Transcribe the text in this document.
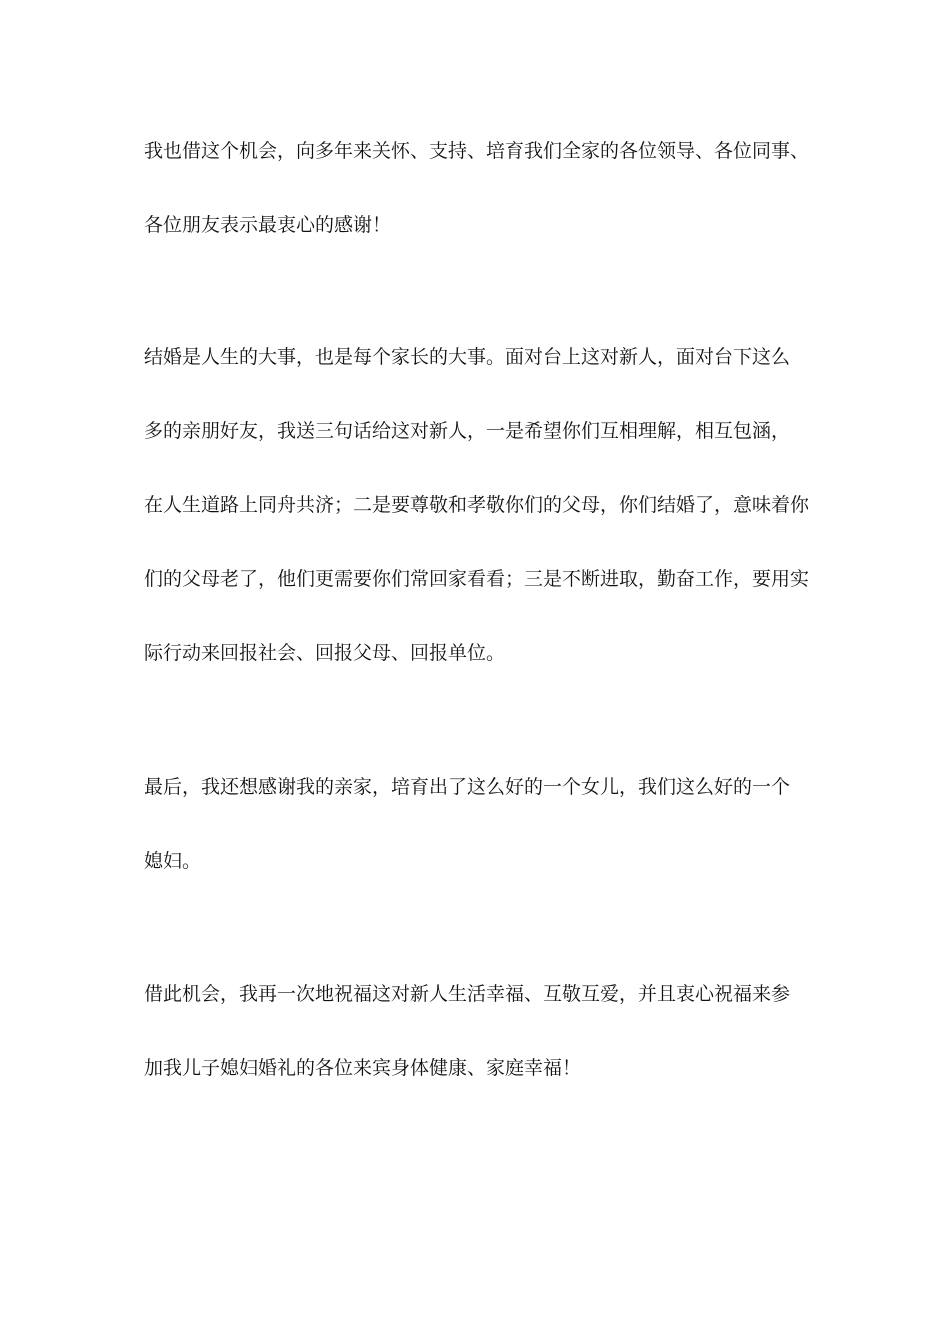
我也借这个机会，向多年来关怀、支持、培育我们全家的各位领导、各位同事、
各位朋友表示最衷心的感谢！

结婚是人生的大事，也是每个家长的大事。面对台上这对新人，面对台下这么
多的亲朋好友，我送三句话给这对新人，一是希望你们互相理解，相互包涵，
在人生道路上同舟共济；二是要尊敬和孝敬你们的父母，你们结婚了，意味着你
们的父母老了，他们更需要你们常回家看看；三是不断进取，勤奋工作，要用实
际行动来回报社会、回报父母、回报单位。

最后，我还想感谢我的亲家，培育出了这么好的一个女儿，我们这么好的一个
媳妇。

借此机会，我再一次地祝福这对新人生活幸福、互敬互爱，并且衷心祝福来参
加我儿子媳妇婚礼的各位来宾身体健康、家庭幸福！
